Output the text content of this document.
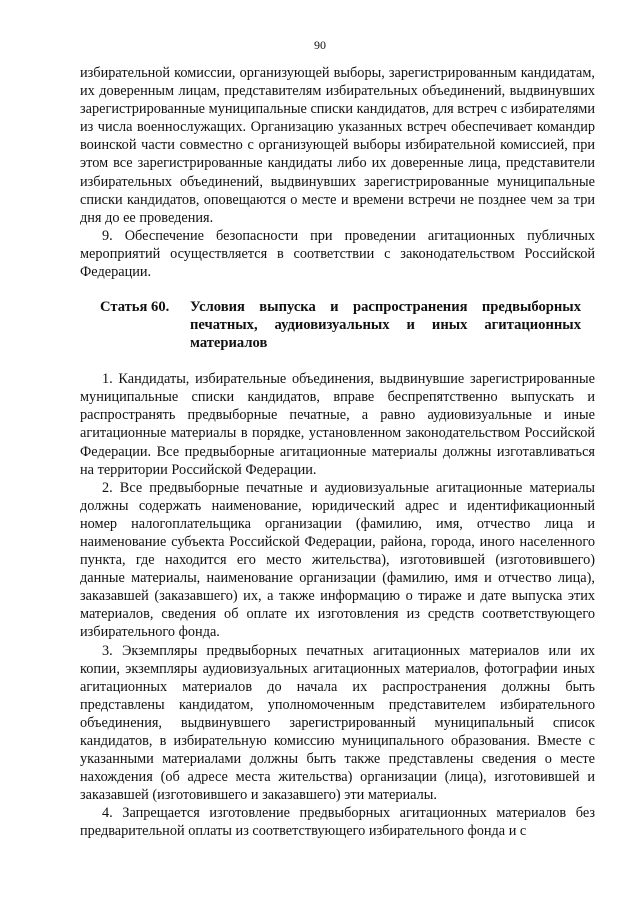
90

избирательной комиссии, организующей выборы, зарегистрированным кандидатам, их доверенным лицам, представителям избирательных объединений, выдвинувших зарегистрированные муниципальные списки кандидатов, для встреч с избирателями из числа военнослужащих. Организацию указанных встреч обеспечивает командир воинской части совместно с организующей выборы избирательной комиссией, при этом все зарегистрированные кандидаты либо их доверенные лица, представители избирательных объединений, выдвинувших зарегистрированные муниципальные списки кандидатов, оповещаются о месте и времени встречи не позднее чем за три дня до ее проведения.

9. Обеспечение безопасности при проведении агитационных публичных мероприятий осуществляется в соответствии с законодательством Российской Федерации.

Статья 60.	Условия выпуска и распространения предвыборных печатных, аудиовизуальных и иных агитационных материалов

1. Кандидаты, избирательные объединения, выдвинувшие зарегистрированные муниципальные списки кандидатов, вправе беспрепятственно выпускать и распространять предвыборные печатные, а равно аудиовизуальные и иные агитационные материалы в порядке, установленном законодательством Российской Федерации. Все предвыборные агитационные материалы должны изготавливаться на территории Российской Федерации.

2. Все предвыборные печатные и аудиовизуальные агитационные материалы должны содержать наименование, юридический адрес и идентификационный номер налогоплательщика организации (фамилию, имя, отчество лица и наименование субъекта Российской Федерации, района, города, иного населенного пункта, где находится его место жительства), изготовившей (изготовившего) данные материалы, наименование организации (фамилию, имя и отчество лица), заказавшей (заказавшего) их, а также информацию о тираже и дате выпуска этих материалов, сведения об оплате их изготовления из средств соответствующего избирательного фонда.

3. Экземпляры предвыборных печатных агитационных материалов или их копии, экземпляры аудиовизуальных агитационных материалов, фотографии иных агитационных материалов до начала их распространения должны быть представлены кандидатом, уполномоченным представителем избирательного объединения, выдвинувшего зарегистрированный муниципальный список кандидатов, в избирательную комиссию муниципального образования. Вместе с указанными материалами должны быть также представлены сведения о месте нахождения (об адресе места жительства) организации (лица), изготовившей и заказавшей (изготовившего и заказавшего) эти материалы.

4. Запрещается изготовление предвыборных агитационных материалов без предварительной оплаты из соответствующего избирательного фонда и с
